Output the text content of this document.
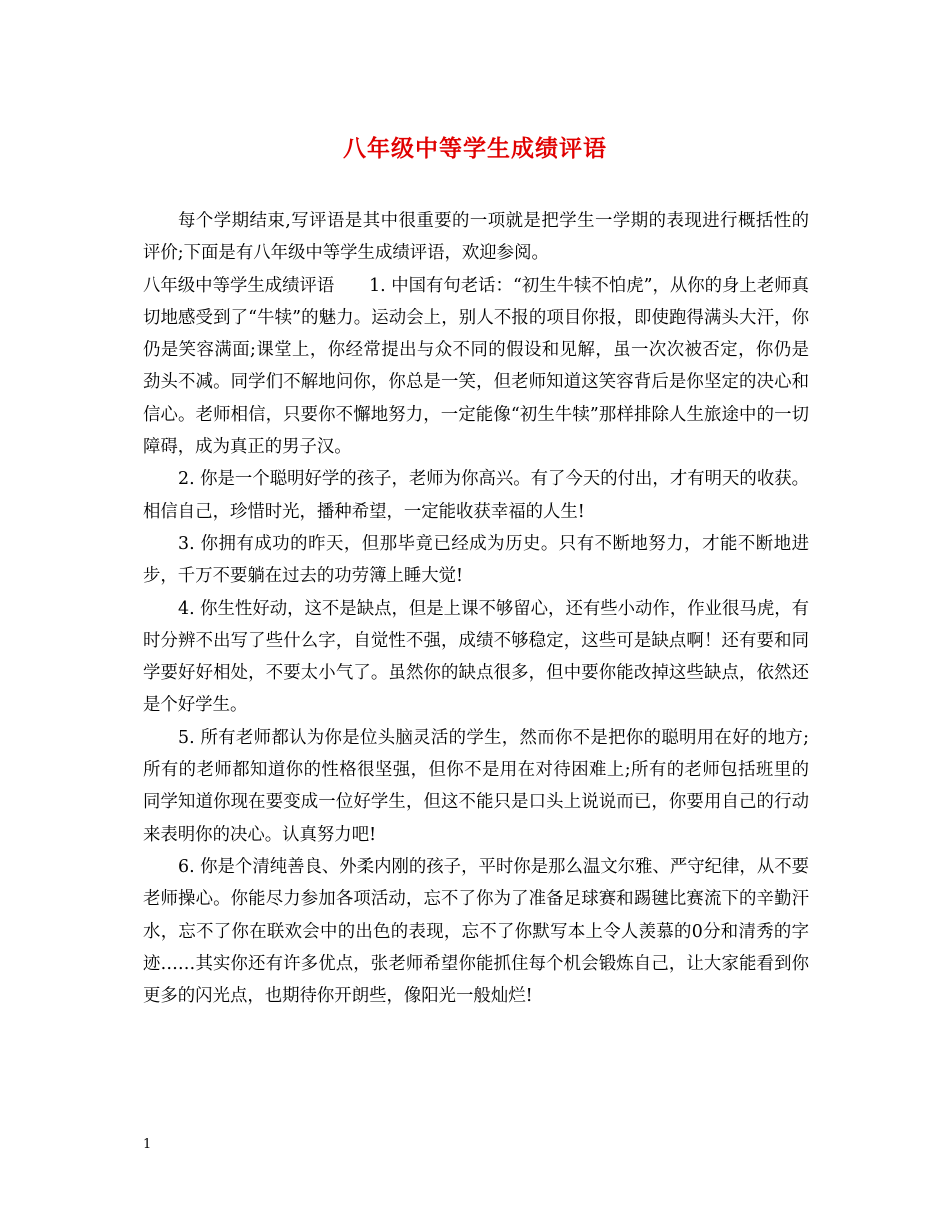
八年级中等学生成绩评语

每个学期结束,写评语是其中很重要的一项就是把学生一学期的表现进行概括性的评价;下面是有八年级中等学生成绩评语，欢迎参阅。

八年级中等学生成绩评语　　1. 中国有句老话：“初生牛犊不怕虎”，从你的身上老师真切地感受到了“牛犊”的魅力。运动会上，别人不报的项目你报，即使跑得满头大汗，你仍是笑容满面;课堂上，你经常提出与众不同的假设和见解，虽一次次被否定，你仍是劲头不减。同学们不解地问你，你总是一笑，但老师知道这笑容背后是你坚定的决心和信心。老师相信，只要你不懈地努力，一定能像“初生牛犊”那样排除人生旅途中的一切障碍，成为真正的男子汉。

2. 你是一个聪明好学的孩子，老师为你高兴。有了今天的付出，才有明天的收获。相信自己，珍惜时光，播种希望，一定能收获幸福的人生!

3. 你拥有成功的昨天，但那毕竟已经成为历史。只有不断地努力，才能不断地进步，千万不要躺在过去的功劳簿上睡大觉!

4. 你生性好动，这不是缺点，但是上课不够留心，还有些小动作，作业很马虎，有时分辨不出写了些什么字，自觉性不强，成绩不够稳定，这些可是缺点啊！还有要和同学要好好相处，不要太小气了。虽然你的缺点很多，但中要你能改掉这些缺点，依然还是个好学生。

5. 所有老师都认为你是位头脑灵活的学生，然而你不是把你的聪明用在好的地方;所有的老师都知道你的性格很坚强，但你不是用在对待困难上;所有的老师包括班里的同学知道你现在要变成一位好学生，但这不能只是口头上说说而已，你要用自己的行动来表明你的决心。认真努力吧!

6. 你是个清纯善良、外柔内刚的孩子，平时你是那么温文尔雅、严守纪律，从不要老师操心。你能尽力参加各项活动，忘不了你为了准备足球赛和踢毽比赛流下的辛勤汗水，忘不了你在联欢会中的出色的表现，忘不了你默写本上令人羡慕的0分和清秀的字迹……其实你还有许多优点，张老师希望你能抓住每个机会锻炼自己，让大家能看到你更多的闪光点，也期待你开朗些，像阳光一般灿烂!

1
